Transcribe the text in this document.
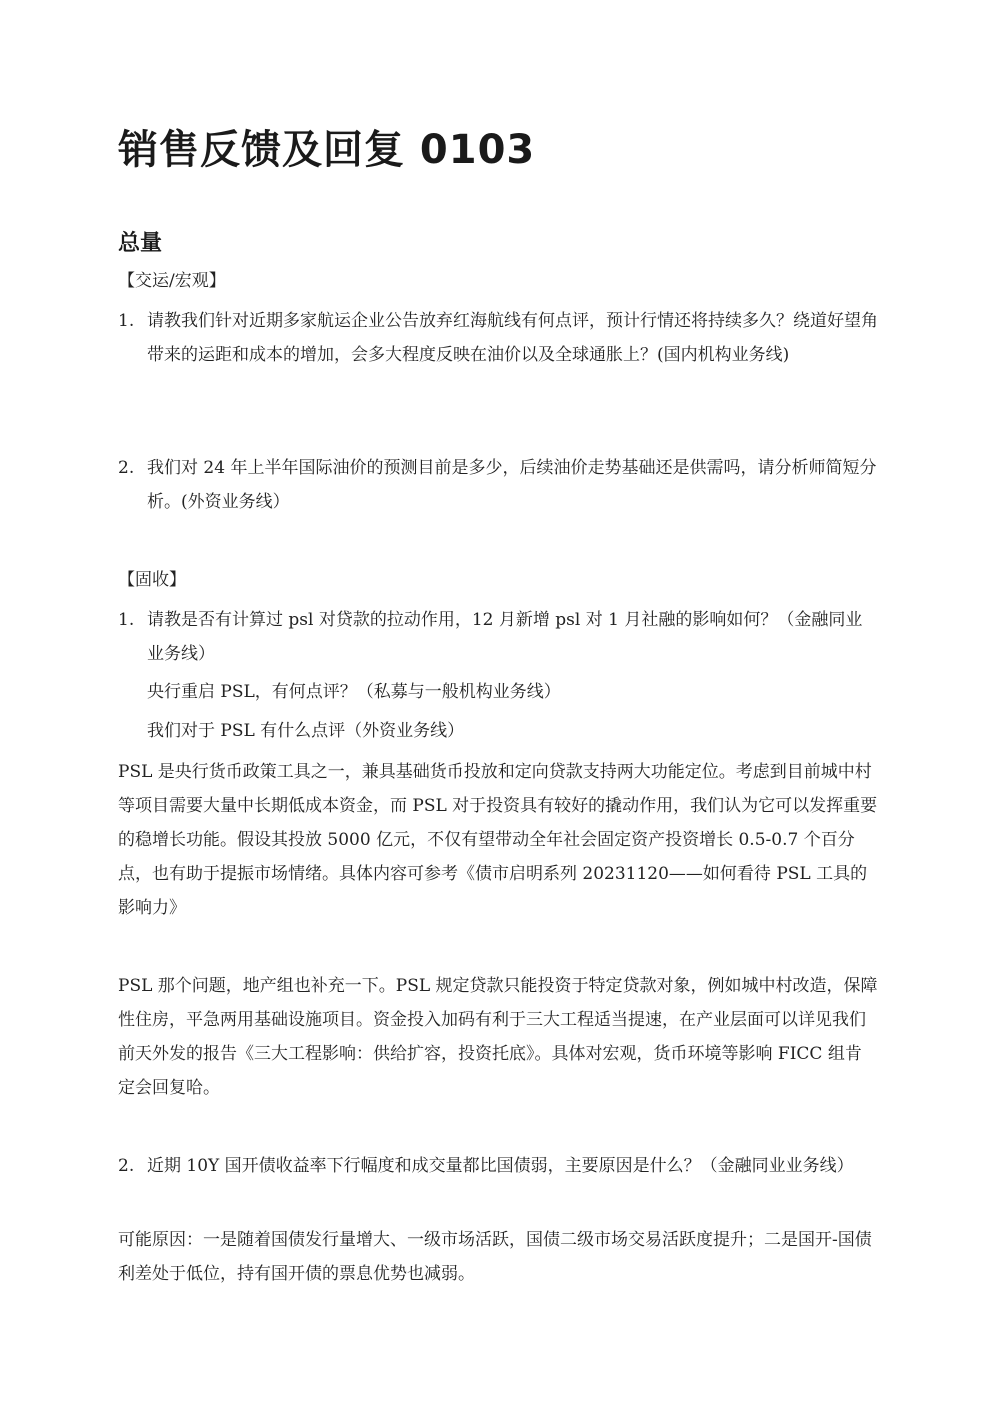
销售反馈及回复 0103
总量
【交运/宏观】
1. 请教我们针对近期多家航运企业公告放弃红海航线有何点评，预计行情还将持续多久？绕道好望角带来的运距和成本的增加，会多大程度反映在油价以及全球通胀上？(国内机构业务线)
2. 我们对 24 年上半年国际油价的预测目前是多少，后续油价走势基础还是供需吗，请分析师简短分析。(外资业务线）
【固收】
1. 请教是否有计算过 psl 对贷款的拉动作用，12 月新增 psl 对 1 月社融的影响如何？（金融同业业务线）
央行重启 PSL，有何点评？（私募与一般机构业务线）
我们对于 PSL 有什么点评（外资业务线）
PSL 是央行货币政策工具之一，兼具基础货币投放和定向贷款支持两大功能定位。考虑到目前城中村等项目需要大量中长期低成本资金，而 PSL 对于投资具有较好的撬动作用，我们认为它可以发挥重要的稳增长功能。假设其投放 5000 亿元，不仅有望带动全年社会固定资产投资增长 0.5-0.7 个百分点，也有助于提振市场情绪。具体内容可参考《债市启明系列 20231120——如何看待 PSL 工具的影响力》
PSL 那个问题，地产组也补充一下。PSL 规定贷款只能投资于特定贷款对象，例如城中村改造，保障性住房，平急两用基础设施项目。资金投入加码有利于三大工程适当提速，在产业层面可以详见我们前天外发的报告《三大工程影响：供给扩容，投资托底》。具体对宏观，货币环境等影响 FICC 组肯定会回复哈。
2. 近期 10Y 国开债收益率下行幅度和成交量都比国债弱，主要原因是什么？（金融同业业务线）
可能原因：一是随着国债发行量增大、一级市场活跃，国债二级市场交易活跃度提升；二是国开-国债利差处于低位，持有国开债的票息优势也减弱。
